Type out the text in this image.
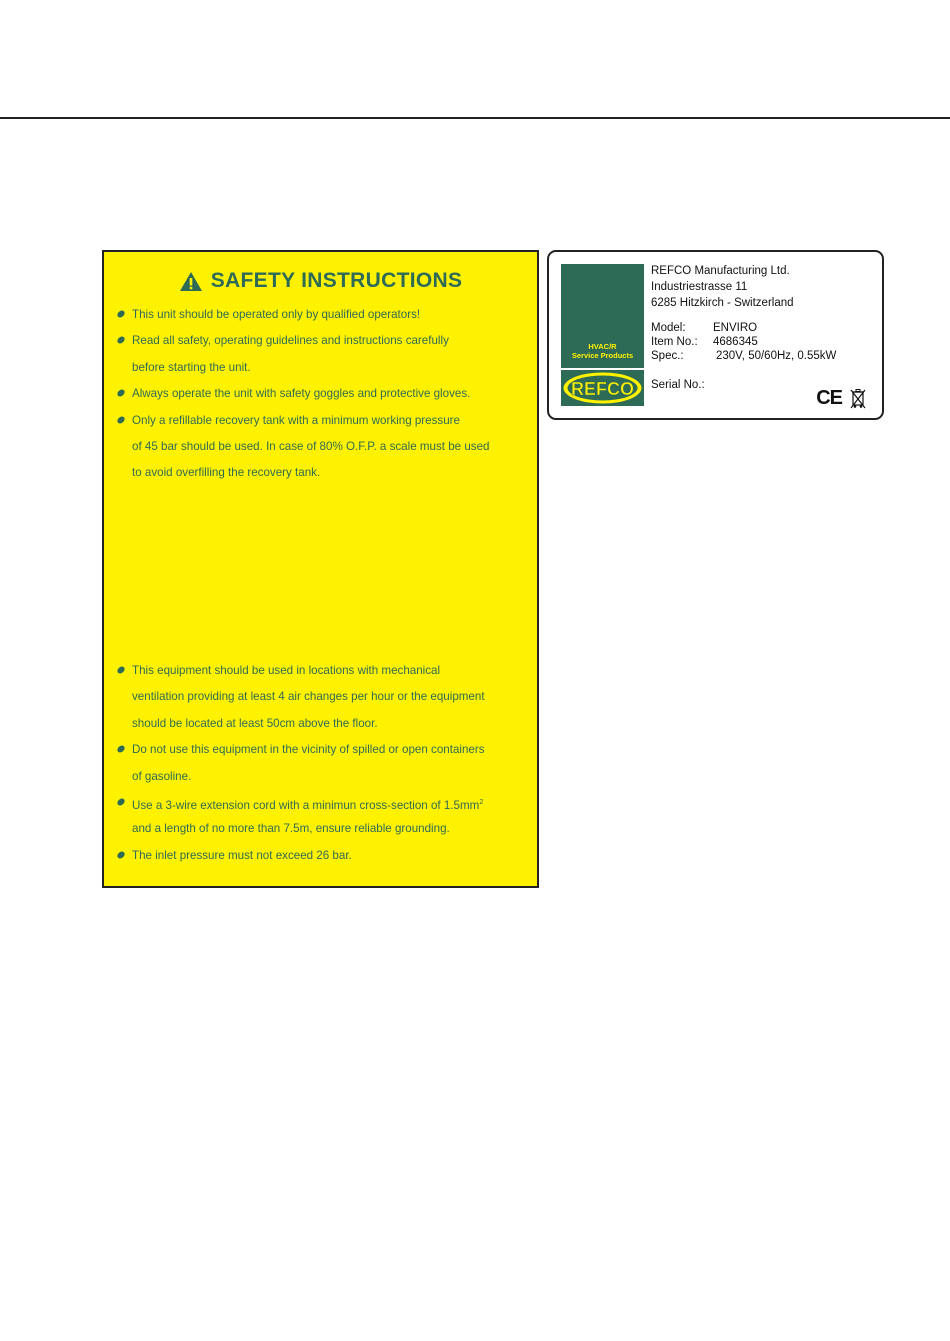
SAFETY INSTRUCTIONS
This unit should be operated only by qualified operators!
Read all safety, operating guidelines and instructions carefully
before starting the unit.
Always operate the unit with safety goggles and protective gloves.
Only a refillable recovery tank with a minimum working pressure
of 45 bar should be used. In case of 80% O.F.P. a scale must be used
to avoid overfilling the recovery tank.
This equipment should be used in locations with mechanical
ventilation providing at least 4 air changes per hour or the equipment
should be located at least 50cm above the floor.
Do not use this equipment in the vicinity of spilled or open containers
of gasoline.
Use a 3-wire extension cord with a minimun cross-section of $1.5mm^2$
and a length of no more than 7.5m, ensure reliable grounding.
The inlet pressure must not exceed 26 bar.
HVAC/R
Service Products
REFCO
REFCO Manufacturing Ltd.
Industriestrasse 11
6285 Hitzkirch - Switzerland
Model:	ENVIRO
Item No.:	4686345
Spec.:	230V, 50/60Hz, 0.55kW
Serial No.:
CE
